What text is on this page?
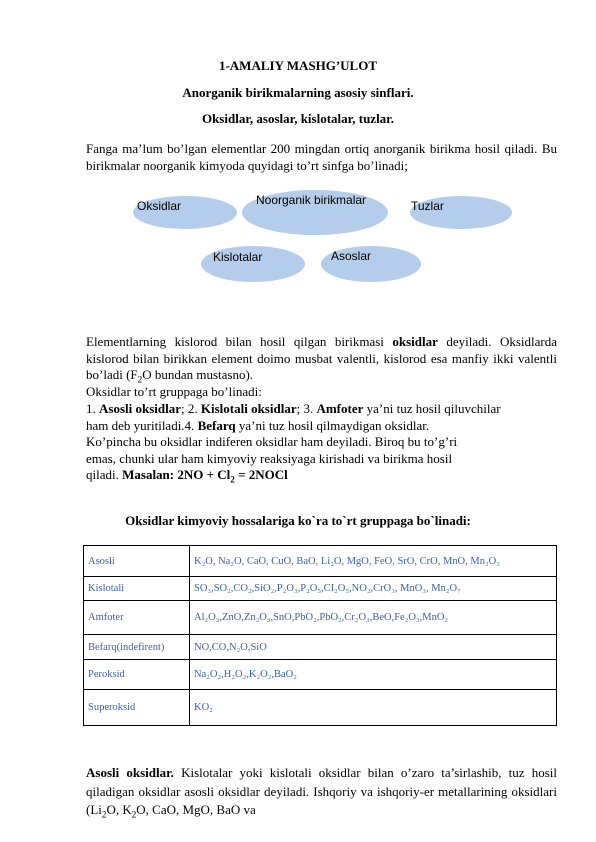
1-AMALIY MASHG’ULOT
Anorganik birikmalarning asosiy sinflari.
Oksidlar, asoslar, kislotalar, tuzlar.
Fanga ma’lum bo’lgan elementlar 200 mingdan ortiq anorganik birikma hosil qiladi. Bu birikmalar noorganik kimyoda quyidagi to’rt sinfga bo’linadi;
Oksidlar	Noorganik birikmalar	Tuzlar
Kislotalar	Asoslar
Elementlarning kislorod bilan hosil qilgan birikmasi oksidlar deyiladi. Oksidlarda kislorod bilan birikkan element doimo musbat valentli, kislorod esa manfiy ikki valentli bo’ladi ($F_2O$ bundan mustasno).
Oksidlar to’rt gruppaga bo’linadi:
1. Asosli oksidlar; 2. Kislotali oksidlar; 3. Amfoter ya’ni tuz hosil qiluvchilar
ham deb yuritiladi.4. Befarq ya’ni tuz hosil qilmaydigan oksidlar.
Ko’pincha bu oksidlar indiferen oksidlar ham deyiladi. Biroq bu to’g’ri
emas, chunki ular ham kimyoviy reaksiyaga kirishadi va birikma hosil
qiladi. Masalan: $2NO + Cl_2$ = 2NOCl
Oksidlar kimyoviy hossalariga ko`ra to`rt gruppaga bo`linadi:
Asosli	K₂O, Na₂O, CaO, CuO, BaO, Li₂O, MgO, FeO, SrO, CrO, MnO, Mn₂O₃
Kislotali	SO₃,SO₂,CO₂,SiO₂,P₂O₃,P₂O₅,CI₂O₅,NO₂,CrO₃, MnO₃, Mn₂O₇
Amfoter	Al₂O₃,ZnO,Zn₂O₃,SnO,PbO₂,PbO₂,Cr₂O₃,BeO,Fe₂O₃,MnO₂
Befarq(indefirent)	NO,CO,N₂O,SiO
Peroksid	Na₂O₂,H₂O₂,K₂O₂,BaO₂
Superoksid	KO₂
Asosli oksidlar. Kislotalar yoki kislotali oksidlar bilan o’zaro ta’sirlashib, tuz hosil qiladigan oksidlar asosli oksidlar deyiladi. Ishqoriy va ishqoriy-er metallarining oksidlari ($Li_2O$, $K_2O$, CaO, MgO, BaO va
